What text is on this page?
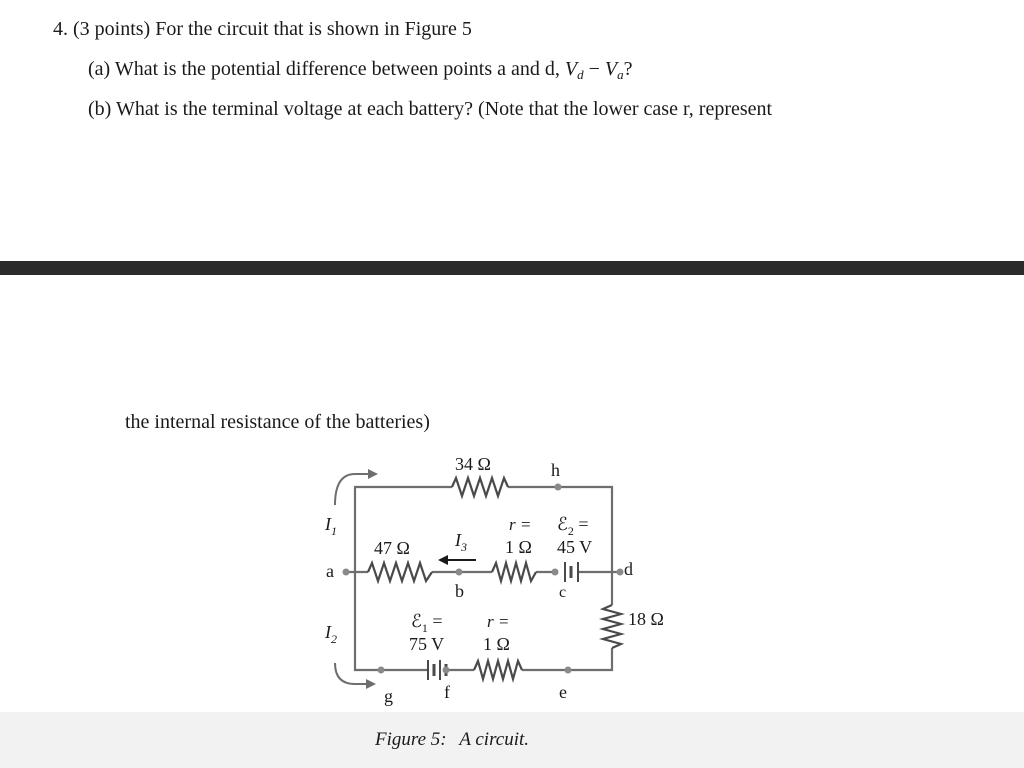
4. (3 points) For the circuit that is shown in Figure 5
(a) What is the potential difference between points a and d, $V_d - V_a$?
(b) What is the terminal voltage at each battery? (Note that the lower case r, represent
the internal resistance of the batteries)
34 Ω	h
47 Ω
18 Ω
a
b	c
d
e
f
g
$I_1$
$I_2$
$I_3$
r =
1 Ω
ℰ$_2$ =
45 V
ℰ$_1$ =
75 V
r =
1 Ω
Figure 5: A circuit.
